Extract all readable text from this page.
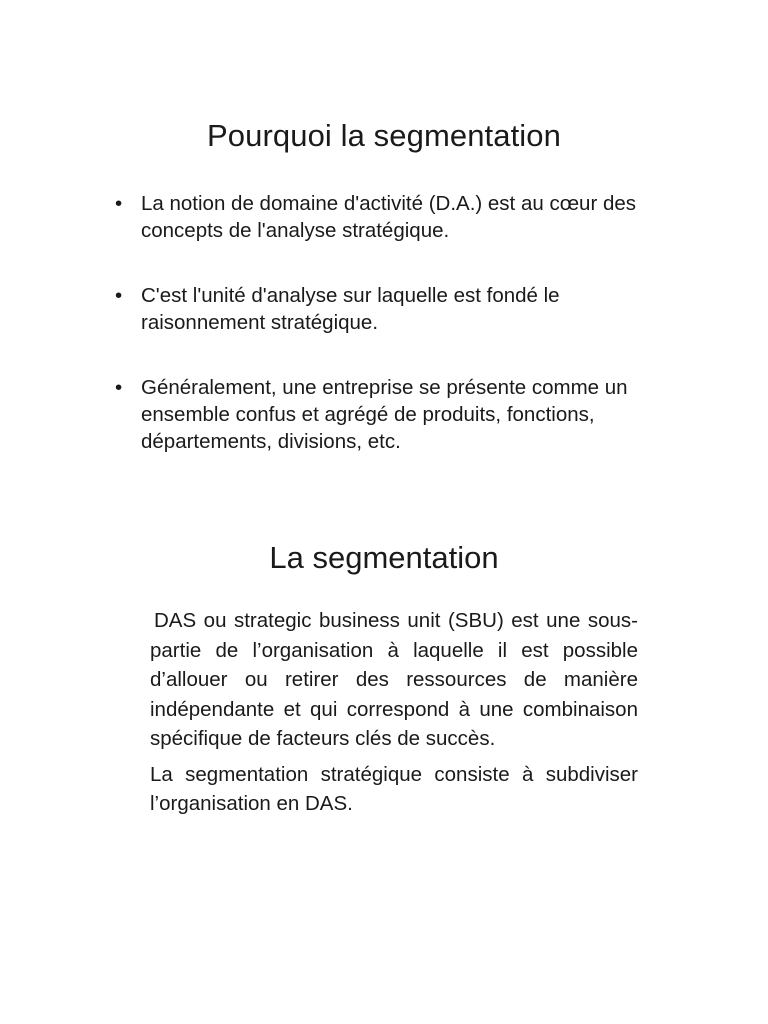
Pourquoi la segmentation
• La notion de domaine d'activité (D.A.) est au cœur des concepts de l'analyse stratégique.
• C'est l'unité d'analyse sur laquelle est fondé le raisonnement stratégique.
• Généralement, une entreprise se présente comme un ensemble confus et agrégé de produits, fonctions, départements, divisions, etc.
La segmentation

DAS ou strategic business unit (SBU) est une sous-partie de l’organisation à laquelle il est possible d’allouer ou retirer des ressources de manière indépendante et qui correspond à une combinaison spécifique de facteurs clés de succès.

La segmentation stratégique consiste à subdiviser l’organisation en DAS.
